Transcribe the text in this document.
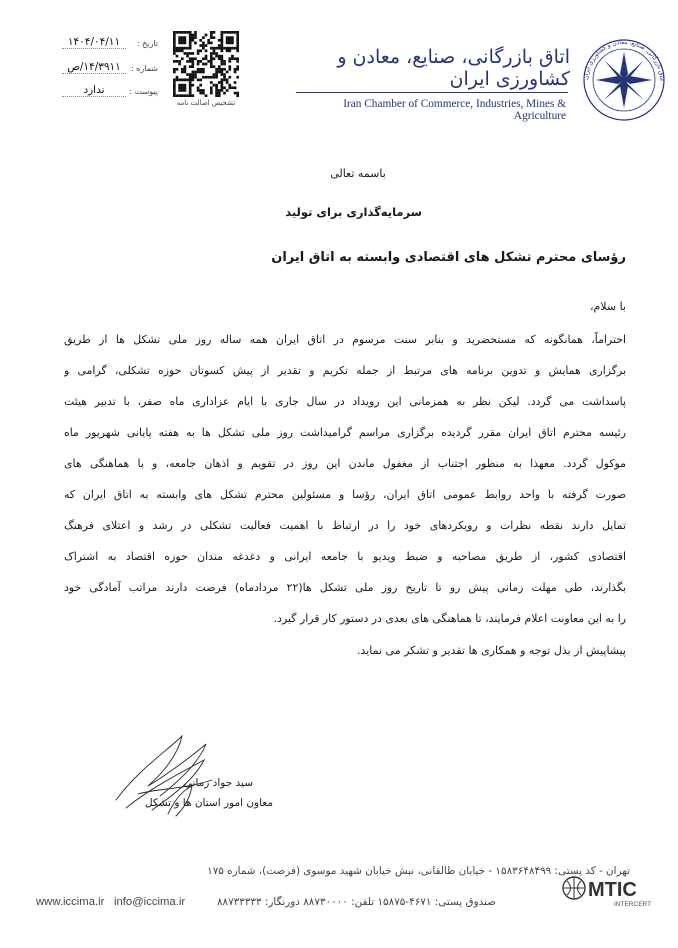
اتاق بازرگانی، صنایع، معادن و کشاورزی ایران
اتاق بازرگانی، صنایع، معادن و کشاورزی ایران
Iran Chamber of Commerce, Industries, Mines & Agriculture
تشخیص اصالت نامه
تاریخ :
۱۴۰۴/۰۴/۱۱
شماره :
۱۴/۳۹۱۱/ص
پیوست :
ندارد
باسمه تعالی
سرمایه‌گذاری برای تولید
رؤسای محترم تشکل های اقتصادی وابسته به اتاق ایران
با سلام،
احتراماً، همانگونه که مستحضرید و بنابر سنت مرسوم در اتاق ایران همه ساله روز ملی تشکل ها از طریق
برگزاری همایش و تدوین برنامه های مرتبط از جمله تکریم و تقدیر از پیش کسوتان حوزه تشکلی، گرامی و
پاسداشت می گردد. لیکن نظر به همزمانی این رویداد در سال جاری با ایام عزاداری ماه صفر، با تدبیر هیئت
رئیسه محترم اتاق ایران مقرر گردیده برگزاری مراسم گرامیداشت روز ملی تشکل ها به هفته پایانی شهریور ماه
موکول گردد. معهذا به منظور اجتناب از مغفول ماندن این روز در تقویم و اذهان جامعه، و با هماهنگی های
صورت گرفته با واحد روابط عمومی اتاق ایران، رؤسا و مسئولین محترم تشکل های وابسته به اتاق ایران که
تمایل دارند نقطه نظرات و رویکردهای خود را در ارتباط با اهمیت فعالیت تشکلی در رشد و اعتلای فرهنگ
اقتصادی کشور، از طریق مصاحبه و ضبط ویدیو با جامعه ایرانی و دغدغه مندان حوزه اقتصاد به اشتراک
بگذارند، طی مهلت زمانی پیش رو تا تاریخ روز ملی تشکل ها(۲۲ مردادماه) فرصت دارند مراتب آمادگی خود
را به این معاونت اعلام فرمایند، تا هماهنگی های بعدی در دستور کار قرار گیرد.
پیشاپیش از بذل توجه و همکاری ها تقدیر و تشکر می نماید.
سید جواد زمانی
معاون امور استان ها و تشکل
تهران - کد پستی: ۱۵۸۳۶۴۸۴۹۹ - خیابان طالقانی، نبش خیابان شهید موسوی (فرصت)، شماره ۱۷۵
صندوق پستی: ۴۶۷۱-۱۵۸۷۵ تلفن: ۸۸۷۳۰۰۰۰ دورنگار: ۸۸۷۳۳۳۳۳
www.iccima.ir info@iccima.ir
MTIC
INTERCERT
